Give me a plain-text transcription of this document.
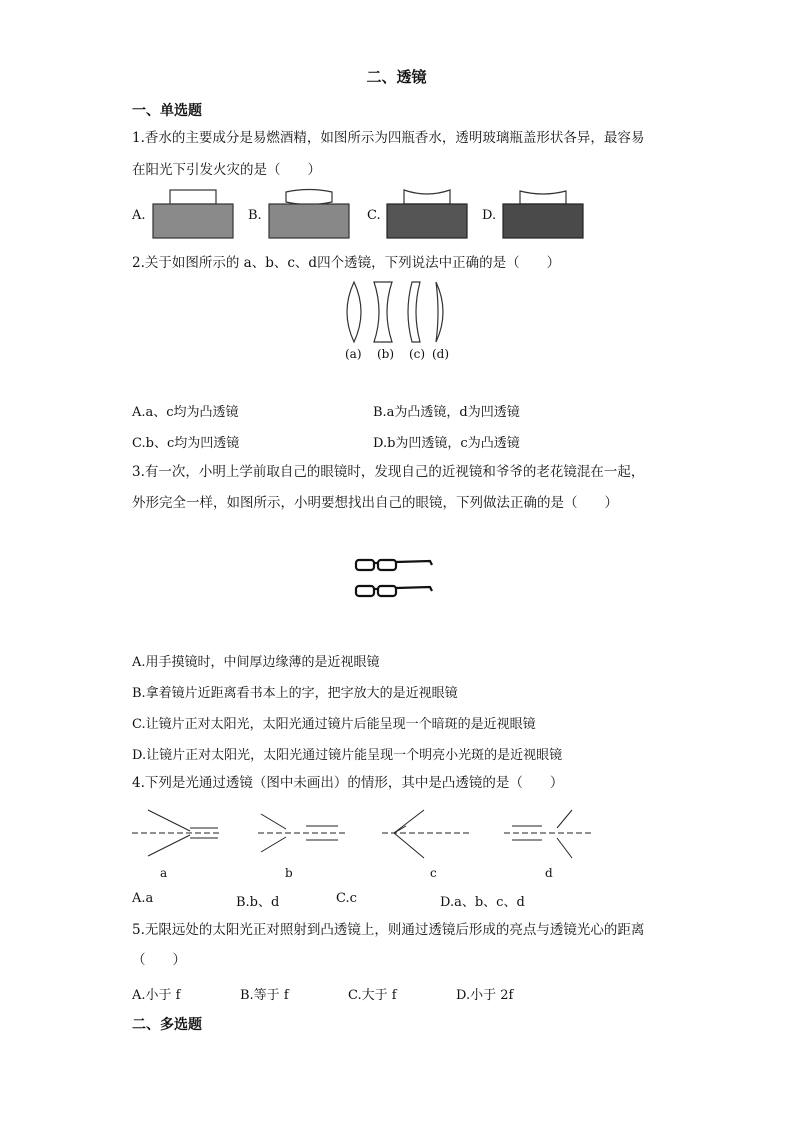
二、透镜
一、单选题
1.香水的主要成分是易燃酒精，如图所示为四瓶香水，透明玻璃瓶盖形状各异，最容易
在阳光下引发火灾的是（　　）
A.	B.	C.	D.
2.关于如图所示的 a、b、c、d四个透镜，下列说法中正确的是（　　）
(a) (b) (c) (d)
A.a、c均为凸透镜	B.a为凸透镜，d为凹透镜
C.b、c均为凹透镜	D.b为凹透镜，c为凸透镜
3.有一次，小明上学前取自己的眼镜时，发现自己的近视镜和爷爷的老花镜混在一起，
外形完全一样，如图所示，小明要想找出自己的眼镜，下列做法正确的是（　　）
A.用手摸镜时，中间厚边缘薄的是近视眼镜
B.拿着镜片近距离看书本上的字，把字放大的是近视眼镜
C.让镜片正对太阳光，太阳光通过镜片后能呈现一个暗斑的是近视眼镜
D.让镜片正对太阳光，太阳光通过镜片能呈现一个明亮小光斑的是近视眼镜
4.下列是光通过透镜（图中未画出）的情形，其中是凸透镜的是（　　）
a	b	c	d
A.a	B.b、d	C.c	D.a、b、c、d
5.无限远处的太阳光正对照射到凸透镜上，则通过透镜后形成的亮点与透镜光心的距离
（　　）
A.小于 f	B.等于 f	C.大于 f	D.小于 2f
二、多选题
